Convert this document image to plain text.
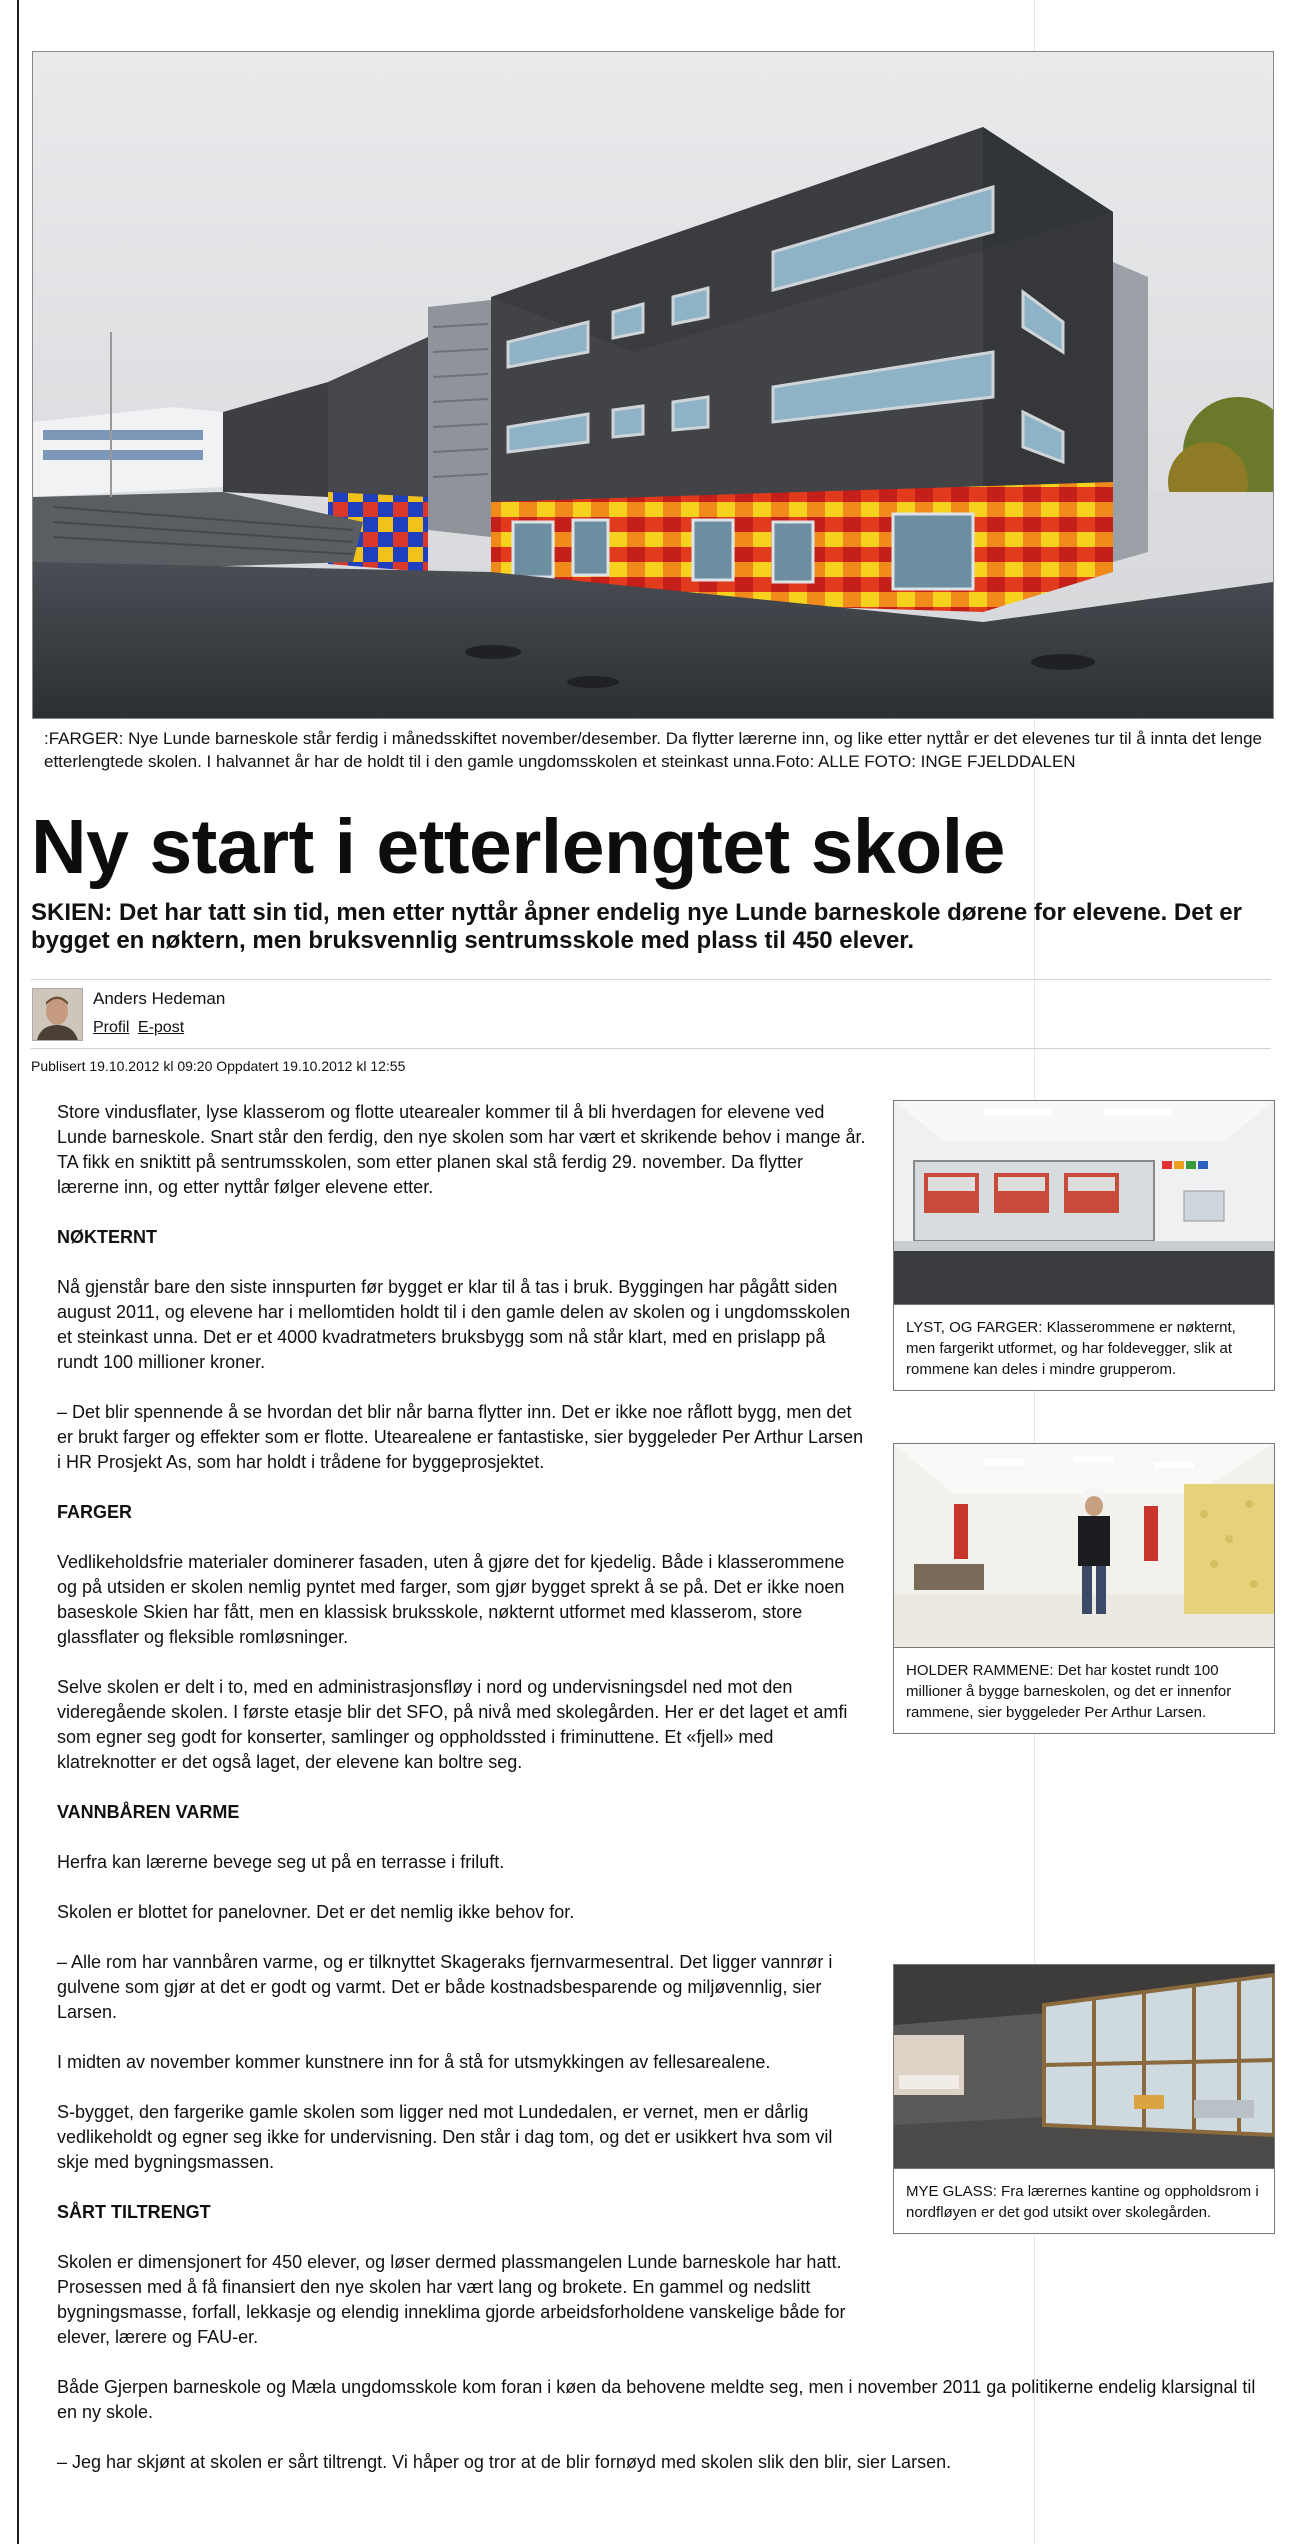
:FARGER: Nye Lunde barneskole står ferdig i månedsskiftet november/desember. Da flytter lærerne inn, og like etter nyttår er det elevenes tur til å innta det lenge etterlengtede skolen. I halvannet år har de holdt til i den gamle ungdomsskolen et steinkast unna.Foto: ALLE FOTO: INGE FJELDDALEN
Ny start i etterlengtet skole

SKIEN: Det har tatt sin tid, men etter nyttår åpner endelig nye Lunde barneskole dørene for elevene. Det er bygget en nøktern, men bruksvennlig sentrumsskole med plass til 450 elever.

Anders Hedeman
Profil E-post
Publisert 19.10.2012 kl 09:20 Oppdatert 19.10.2012 kl 12:55

Store vindusflater, lyse klasserom og flotte utearealer kommer til å bli hverdagen for elevene ved Lunde barneskole. Snart står den ferdig, den nye skolen som har vært et skrikende behov i mange år. TA fikk en sniktitt på sentrumsskolen, som etter planen skal stå ferdig 29. november. Da flytter lærerne inn, og etter nyttår følger elevene etter.

NØKTERNT

Nå gjenstår bare den siste innspurten før bygget er klar til å tas i bruk. Byggingen har pågått siden august 2011, og elevene har i mellomtiden holdt til i den gamle delen av skolen og i ungdomsskolen et steinkast unna. Det er et 4000 kvadratmeters bruksbygg som nå står klart, med en prislapp på rundt 100 millioner kroner.

– Det blir spennende å se hvordan det blir når barna flytter inn. Det er ikke noe råflott bygg, men det er brukt farger og effekter som er flotte. Utearealene er fantastiske, sier byggeleder Per Arthur Larsen i HR Prosjekt As, som har holdt i trådene for byggeprosjektet.

FARGER

Vedlikeholdsfrie materialer dominerer fasaden, uten å gjøre det for kjedelig. Både i klasserommene og på utsiden er skolen nemlig pyntet med farger, som gjør bygget sprekt å se på. Det er ikke noen baseskole Skien har fått, men en klassisk bruksskole, nøkternt utformet med klasserom, store glassflater og fleksible romløsninger.

Selve skolen er delt i to, med en administrasjonsfløy i nord og undervisningsdel ned mot den videregående skolen. I første etasje blir det SFO, på nivå med skolegården. Her er det laget et amfi som egner seg godt for konserter, samlinger og oppholdssted i friminuttene. Et «fjell» med klatreknotter er det også laget, der elevene kan boltre seg.

VANNBÅREN VARME

Herfra kan lærerne bevege seg ut på en terrasse i friluft.

Skolen er blottet for panelovner. Det er det nemlig ikke behov for.

– Alle rom har vannbåren varme, og er tilknyttet Skageraks fjernvarmesentral. Det ligger vannrør i gulvene som gjør at det er godt og varmt. Det er både kostnadsbesparende og miljøvennlig, sier Larsen.

I midten av november kommer kunstnere inn for å stå for utsmykkingen av fellesarealene.

S-bygget, den fargerike gamle skolen som ligger ned mot Lundedalen, er vernet, men er dårlig vedlikeholdt og egner seg ikke for undervisning. Den står i dag tom, og det er usikkert hva som vil skje med bygningsmassen.

SÅRT TILTRENGT

Skolen er dimensjonert for 450 elever, og løser dermed plassmangelen Lunde barneskole har hatt. Prosessen med å få finansiert den nye skolen har vært lang og brokete. En gammel og nedslitt bygningsmasse, forfall, lekkasje og elendig inneklima gjorde arbeidsforholdene vanskelige både for elever, lærere og FAU-er.

Både Gjerpen barneskole og Mæla ungdomsskole kom foran i køen da behovene meldte seg, men i november 2011 ga politikerne endelig klarsignal til en ny skole.

– Jeg har skjønt at skolen er sårt tiltrengt. Vi håper og tror at de blir fornøyd med skolen slik den blir, sier Larsen.

LYST, OG FARGER: Klasserommene er nøkternt, men fargerikt utformet, og har foldevegger, slik at rommene kan deles i mindre grupperom.
HOLDER RAMMENE: Det har kostet rundt 100 millioner å bygge barneskolen, og det er innenfor rammene, sier byggeleder Per Arthur Larsen.
MYE GLASS: Fra lærernes kantine og oppholdsrom i nordfløyen er det god utsikt over skolegården.
